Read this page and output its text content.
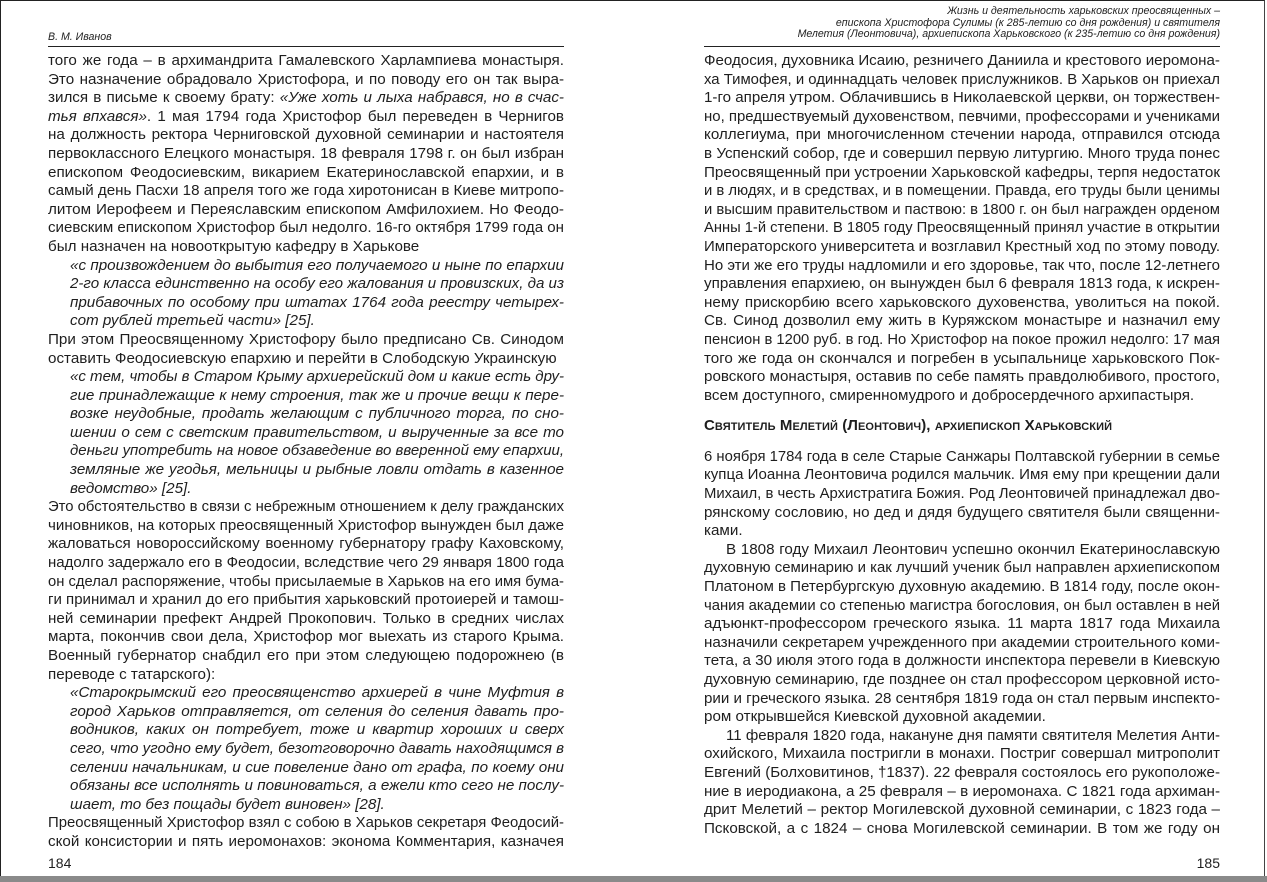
В. М. Иванов
того же года – в архимандрита Гамалевского Харлампиева монастыря.
Это назначение обрадовало Христофора, и по поводу его он так выра-
зился в письме к своему брату: «Уже хоть и лыха набрався, но в счас-
тья впхався». 1 мая 1794 года Христофор был переведен в Чернигов
на должность ректора Черниговской духовной семинарии и настоятеля
первоклассного Елецкого монастыря. 18 февраля 1798 г. он был избран
епископом Феодосиевским, викарием Екатеринославской епархии, и в
самый день Пасхи 18 апреля того же года хиротонисан в Киеве митропо-
литом Иерофеем и Переяславским епископом Амфилохием. Но Феодо-
сиевским епископом Христофор был недолго. 16-го октября 1799 года он
был назначен на новооткрытую кафедру в Харькове
«с произвождением до выбытия его получаемого и ныне по епархии
2-го класса единственно на особу его жалования и провизских, да из
прибавочных по особому при штатах 1764 года реестру четырех-
сот рублей третьей части» [25].
При этом Преосвященному Христофору было предписано Св. Синодом
оставить Феодосиевскую епархию и перейти в Слободскую Украинскую
«с тем, чтобы в Старом Крыму архиерейский дом и какие есть дру-
гие принадлежащие к нему строения, так же и прочие вещи к пере-
возке неудобные, продать желающим с публичного торга, по сно-
шении о сем с светским правительством, и вырученные за все то
деньги употребить на новое обзаведение во вверенной ему епархии,
земляные же угодья, мельницы и рыбные ловли отдать в казенное
ведомство» [25].
Это обстоятельство в связи с небрежным отношением к делу гражданских
чиновников, на которых преосвященный Христофор вынужден был даже
жаловаться новороссийскому военному губернатору графу Каховскому,
надолго задержало его в Феодосии, вследствие чего 29 января 1800 года
он сделал распоряжение, чтобы присылаемые в Харьков на его имя бума-
ги принимал и хранил до его прибытия харьковский протоиерей и тамош-
ней семинарии префект Андрей Прокопович. Только в средних числах
марта, покончив свои дела, Христофор мог выехать из старого Крыма.
Военный губернатор снабдил его при этом следующею подорожнею (в
переводе с татарского):
«Старокрымский его преосвященство архиерей в чине Муфтия в
город Харьков отправляется, от селения до селения давать про-
водников, каких он потребует, тоже и квартир хороших и сверх
сего, что угодно ему будет, безотговорочно давать находящимся в
селении начальникам, и сие повеление дано от графа, по коему они
обязаны все исполнять и повиноваться, а ежели кто сего не послу-
шает, то без пощады будет виновен» [28].
Преосвященный Христофор взял с собою в Харьков секретаря Феодосий-
ской консистории и пять иеромонахов: эконома Комментария, казначея
184
Жизнь и деятельность харьковских преосвященных –
епископа Христофора Сулимы (к 285-летию со дня рождения) и святителя
Мелетия (Леонтовича), архиепископа Харьковского (к 235-летию со дня рождения)
Феодосия, духовника Исаию, резничего Даниила и крестового иеромона-
ха Тимофея, и одиннадцать человек прислужников. В Харьков он приехал
1-го апреля утром. Облачившись в Николаевской церкви, он торжествен-
но, предшествуемый духовенством, певчими, профессорами и учениками
коллегиума, при многочисленном стечении народа, отправился отсюда
в Успенский собор, где и совершил первую литургию. Много труда понес
Преосвященный при устроении Харьковской кафедры, терпя недостаток
и в людях, и в средствах, и в помещении. Правда, его труды были ценимы
и высшим правительством и паствою: в 1800 г. он был награжден орденом
Анны 1-й степени. В 1805 году Преосвященный принял участие в открытии
Императорского университета и возглавил Крестный ход по этому поводу.
Но эти же его труды надломили и его здоровье, так что, после 12-летнего
управления епархиею, он вынужден был 6 февраля 1813 года, к искрен-
нему прискорбию всего харьковского духовенства, уволиться на покой.
Св. Синод дозволил ему жить в Куряжском монастыре и назначил ему
пенсион в 1200 руб. в год. Но Христофор на покое прожил недолго: 17 мая
того же года он скончался и погребен в усыпальнице харьковского Пок-
ровского монастыря, оставив по себе память правдолюбивого, простого,
всем доступного, смиренномудрого и добросердечного архипастыря.
Святитель Мелетий (Леонтович), архиепископ Харьковский
6 ноября 1784 года в селе Старые Санжары Полтавской губернии в семье
купца Иоанна Леонтовича родился мальчик. Имя ему при крещении дали
Михаил, в честь Архистратига Божия. Род Леонтовичей принадлежал дво-
рянскому сословию, но дед и дядя будущего святителя были священни-
ками.
В 1808 году Михаил Леонтович успешно окончил Екатеринославскую
духовную семинарию и как лучший ученик был направлен архиепископом
Платоном в Петербургскую духовную академию. В 1814 году, после окон-
чания академии со степенью магистра богословия, он был оставлен в ней
адъюнкт-профессором греческого языка. 11 марта 1817 года Михаила
назначили секретарем учрежденного при академии строительного коми-
тета, а 30 июля этого года в должности инспектора перевели в Киевскую
духовную семинарию, где позднее он стал профессором церковной исто-
рии и греческого языка. 28 сентября 1819 года он стал первым инспекто-
ром открывшейся Киевской духовной академии.
11 февраля 1820 года, накануне дня памяти святителя Мелетия Анти-
охийского, Михаила постригли в монахи. Постриг совершал митрополит
Евгений (Болховитинов, †1837). 22 февраля состоялось его рукоположе-
ние в иеродиакона, а 25 февраля – в иеромонаха. С 1821 года архиман-
дрит Мелетий – ректор Могилевской духовной семинарии, с 1823 года –
Псковской, а с 1824 – снова Могилевской семинарии. В том же году он
185
